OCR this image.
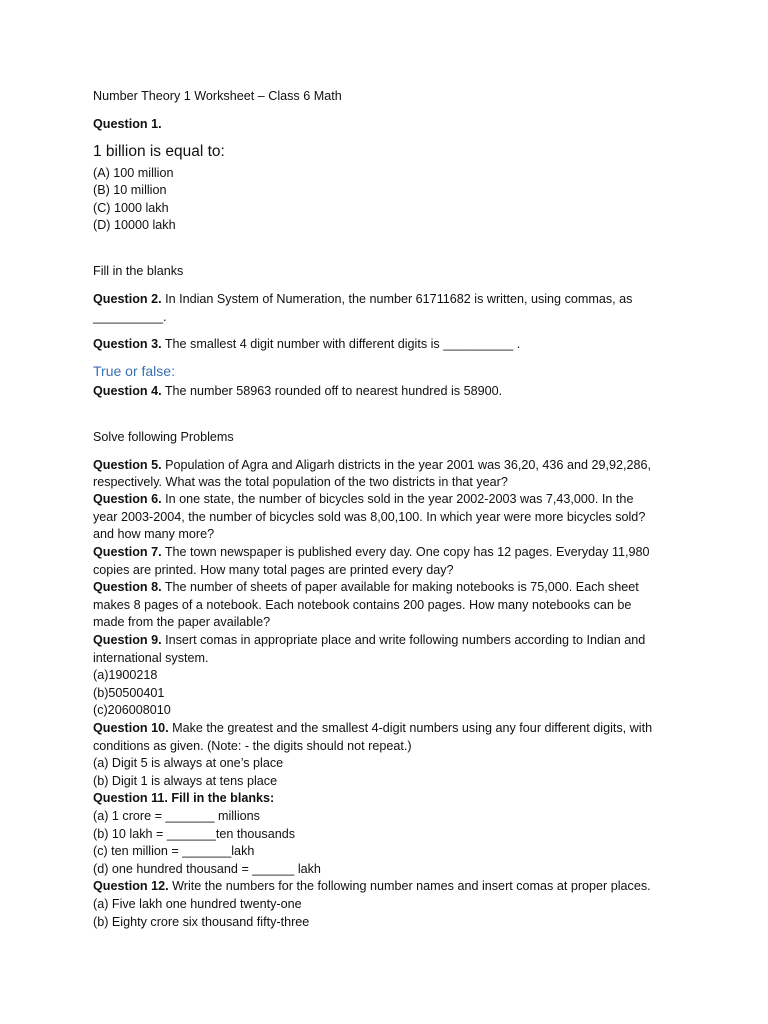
Number Theory 1 Worksheet – Class 6 Math
Question 1.
1 billion is equal to:
(A) 100 million
(B) 10 million
(C) 1000 lakh
(D) 10000 lakh
Fill in the blanks
Question 2. In Indian System of Numeration, the number 61711682 is written, using commas, as
__________.
Question 3. The smallest 4 digit number with different digits is __________ .
True or false:
Question 4. The number 58963 rounded off to nearest hundred is 58900.
Solve following Problems
Question 5. Population of Agra and Aligarh districts in the year 2001 was 36,20, 436 and 29,92,286,
respectively. What was the total population of the two districts in that year?
Question 6. In one state, the number of bicycles sold in the year 2002-2003 was 7,43,000. In the
year 2003-2004, the number of bicycles sold was 8,00,100. In which year were more bicycles sold?
and how many more?
Question 7. The town newspaper is published every day. One copy has 12 pages. Everyday 11,980
copies are printed. How many total pages are printed every day?
Question 8. The number of sheets of paper available for making notebooks is 75,000. Each sheet
makes 8 pages of a notebook. Each notebook contains 200 pages. How many notebooks can be
made from the paper available?
Question 9. Insert comas in appropriate place and write following numbers according to Indian and
international system.
(a)1900218
(b)50500401
(c)206008010
Question 10. Make the greatest and the smallest 4-digit numbers using any four different digits, with
conditions as given. (Note: - the digits should not repeat.)
(a) Digit 5 is always at one’s place
(b) Digit 1 is always at tens place
Question 11. Fill in the blanks:
(a) 1 crore = _______ millions
(b) 10 lakh = _______ten thousands
(c) ten million = _______lakh
(d) one hundred thousand = ______ lakh
Question 12. Write the numbers for the following number names and insert comas at proper places.
(a) Five lakh one hundred twenty-one
(b) Eighty crore six thousand fifty-three
